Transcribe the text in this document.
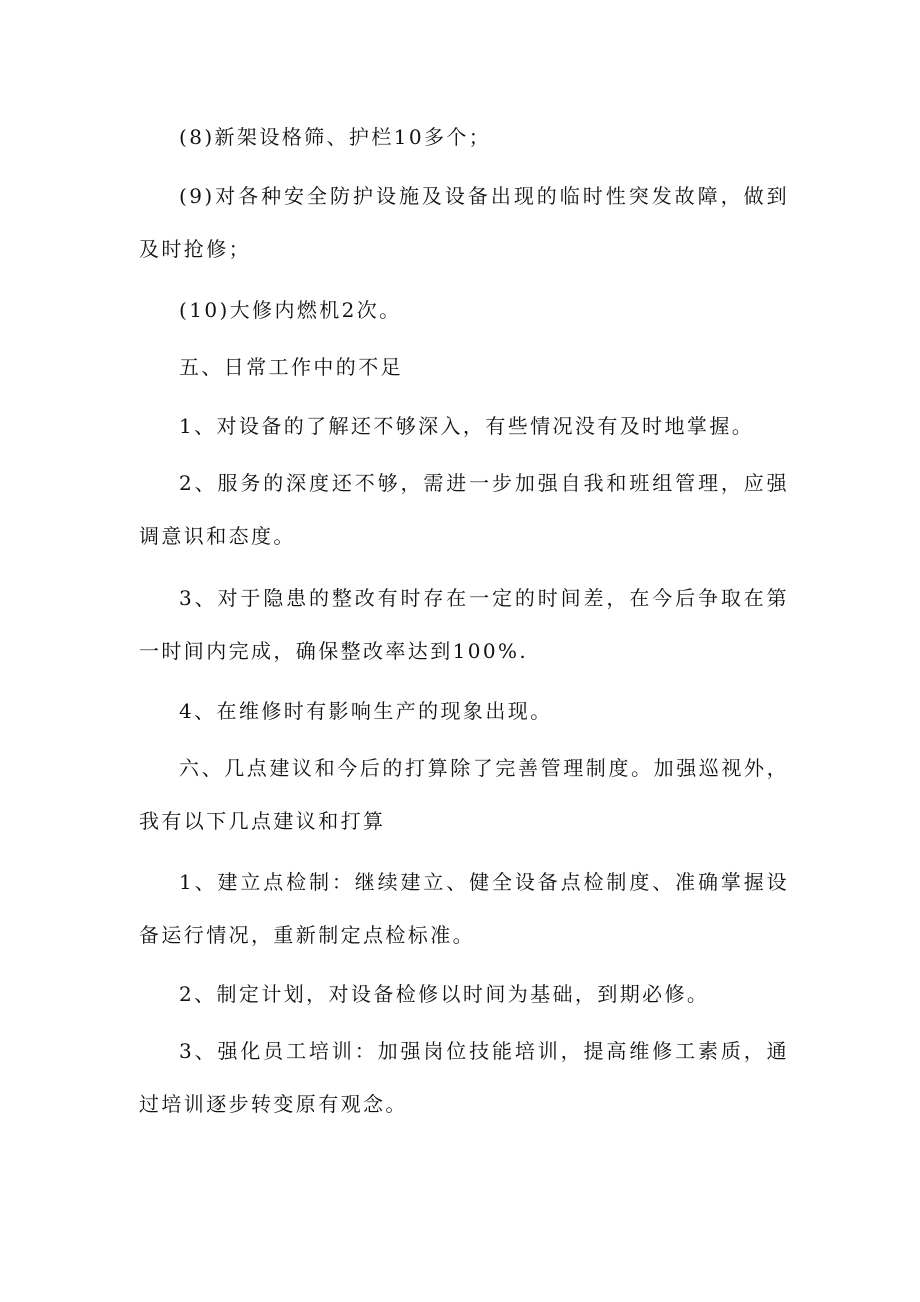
(8)新架设格筛、护栏10多个；

(9)对各种安全防护设施及设备出现的临时性突发故障，做到及时抢修；

(10)大修内燃机2次。

五、日常工作中的不足

1、对设备的了解还不够深入，有些情况没有及时地掌握。

2、服务的深度还不够，需进一步加强自我和班组管理，应强调意识和态度。

3、对于隐患的整改有时存在一定的时间差，在今后争取在第一时间内完成，确保整改率达到100%.

4、在维修时有影响生产的现象出现。

六、几点建议和今后的打算除了完善管理制度。加强巡视外，我有以下几点建议和打算

1、建立点检制：继续建立、健全设备点检制度、准确掌握设备运行情况，重新制定点检标准。

2、制定计划，对设备检修以时间为基础，到期必修。

3、强化员工培训：加强岗位技能培训，提高维修工素质，通过培训逐步转变原有观念。
